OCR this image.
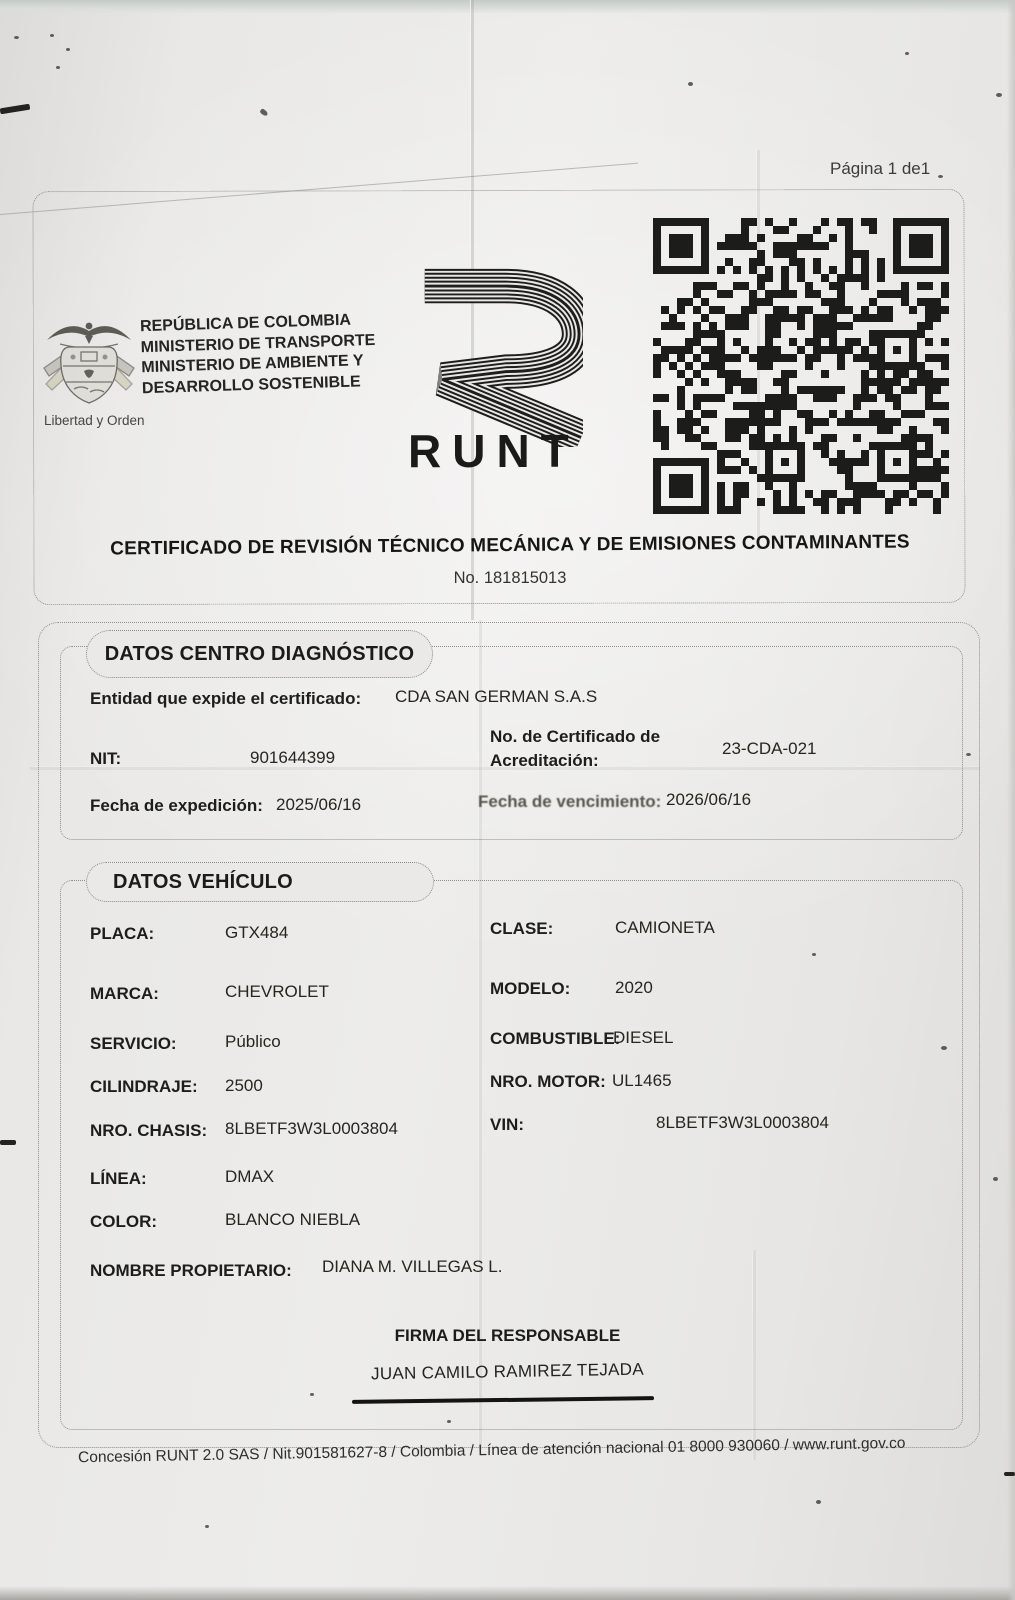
Página 1 de1
Libertad y Orden
REPÚBLICA DE COLOMBIA
MINISTERIO DE TRANSPORTE
MINISTERIO DE AMBIENTE Y
DESARROLLO SOSTENIBLE
RUNT
CERTIFICADO DE REVISIÓN TÉCNICO MECÁNICA Y DE EMISIONES CONTAMINANTES
No. 181815013
DATOS CENTRO DIAGNÓSTICO
Entidad que expide el certificado: CDA SAN GERMAN S.A.S
NIT:	901644399
No. de Certificado de
Acreditación:
23-CDA-021
Fecha de expedición: 2025/06/16	Fecha de vencimiento: 2026/06/16
DATOS VEHÍCULO
PLACA:	GTX484	CLASE:	CAMIONETA
MARCA:	CHEVROLET	MODELO:	2020
SERVICIO:	Público	COMBUSTIBLE:
DIESEL
CILINDRAJE: 2500	NRO. MOTOR: UL1465
NRO. CHASIS: 8LBETF3W3L0003804	VIN:	8LBETF3W3L0003804
LÍNEA:	DMAX
COLOR:	BLANCO NIEBLA
NOMBRE PROPIETARIO: DIANA M. VILLEGAS L.
FIRMA DEL RESPONSABLE
JUAN CAMILO RAMIREZ TEJADA
Concesión RUNT 2.0 SAS / Nit.901581627-8 / Colombia / Línea de atención nacional 01 8000 930060 / www.runt.gov.co
